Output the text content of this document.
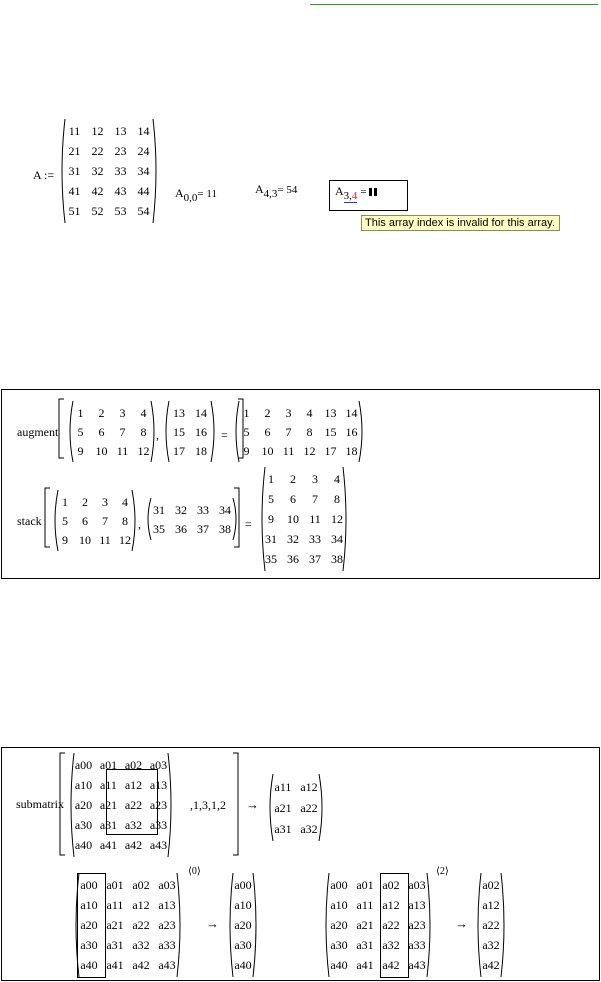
A :=
11 12 13 14
21 22 23 24
31 32 33 34
41 42 43 44
51 52 53 54
A0,0= 11	A4,3= 54	A3,4 =
This array index is invalid for this array.
augment
1	2	3	4
5	6	7	8
9	10 11 12
,
13 14
15 16
17 18
=
1	2	3	4	13 14
5	6	7	8	15 16
9	10 11 12 17 18
stack
1	2	3	4
5	6	7	8
9 10 11 12
,
31 32 33 34
35 36 37 38	=
1	2	3	4
5	6	7	8
9	10 11 12
31 32 33 34
35 36 37 38
submatrix
a00 a01 a02 a03
a10 a11 a12 a13
a20 a21 a22 a23
a30 a31 a32 a33
a40 a41 a42 a43
,1,3,1,2 →
a11 a12
a21 a22
a31 a32
a00 a01 a02 a03
a10 a11 a12 a13
a20 a21 a22 a23
a30 a31 a32 a33
a40 a41 a42 a43
⟨0⟩
→
a00
a10
a20
a30
a40
a00 a01 a02 a03
a10 a11 a12 a13
a20 a21 a22 a23
a30 a31 a32 a33
a40 a41 a42 a43
⟨2⟩
→
a02
a12
a22
a32
a42
